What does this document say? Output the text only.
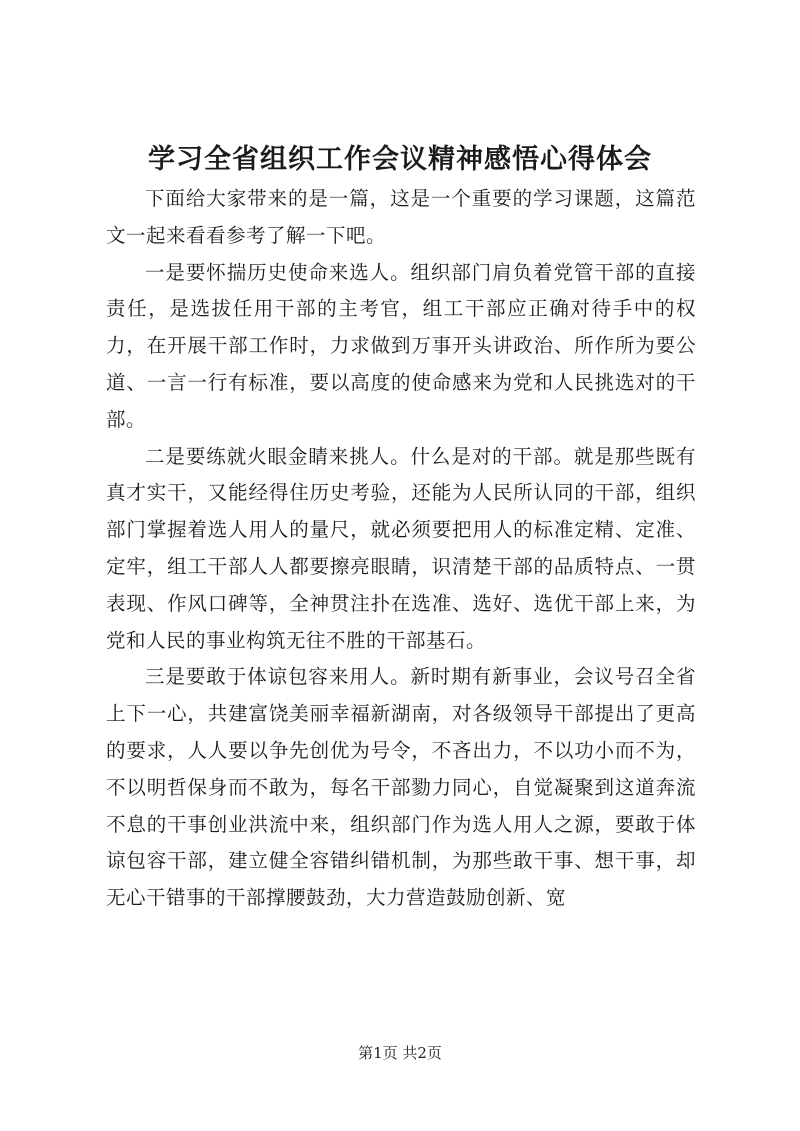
学习全省组织工作会议精神感悟心得体会

下面给大家带来的是一篇，这是一个重要的学习课题，这篇范文一起来看看参考了解一下吧。

一是要怀揣历史使命来选人。组织部门肩负着党管干部的直接责任，是选拔任用干部的主考官，组工干部应正确对待手中的权力，在开展干部工作时，力求做到万事开头讲政治、所作所为要公道、一言一行有标准，要以高度的使命感来为党和人民挑选对的干部。

二是要练就火眼金睛来挑人。什么是对的干部。就是那些既有真才实干，又能经得住历史考验，还能为人民所认同的干部，组织部门掌握着选人用人的量尺，就必须要把用人的标准定精、定准、定牢，组工干部人人都要擦亮眼睛，识清楚干部的品质特点、一贯表现、作风口碑等，全神贯注扑在选准、选好、选优干部上来，为党和人民的事业构筑无往不胜的干部基石。

三是要敢于体谅包容来用人。新时期有新事业，会议号召全省上下一心，共建富饶美丽幸福新湖南，对各级领导干部提出了更高的要求，人人要以争先创优为号令，不吝出力，不以功小而不为，不以明哲保身而不敢为，每名干部勠力同心，自觉凝聚到这道奔流不息的干事创业洪流中来，组织部门作为选人用人之源，要敢于体谅包容干部，建立健全容错纠错机制，为那些敢干事、想干事，却无心干错事的干部撑腰鼓劲，大力营造鼓励创新、宽

第1页 共2页
